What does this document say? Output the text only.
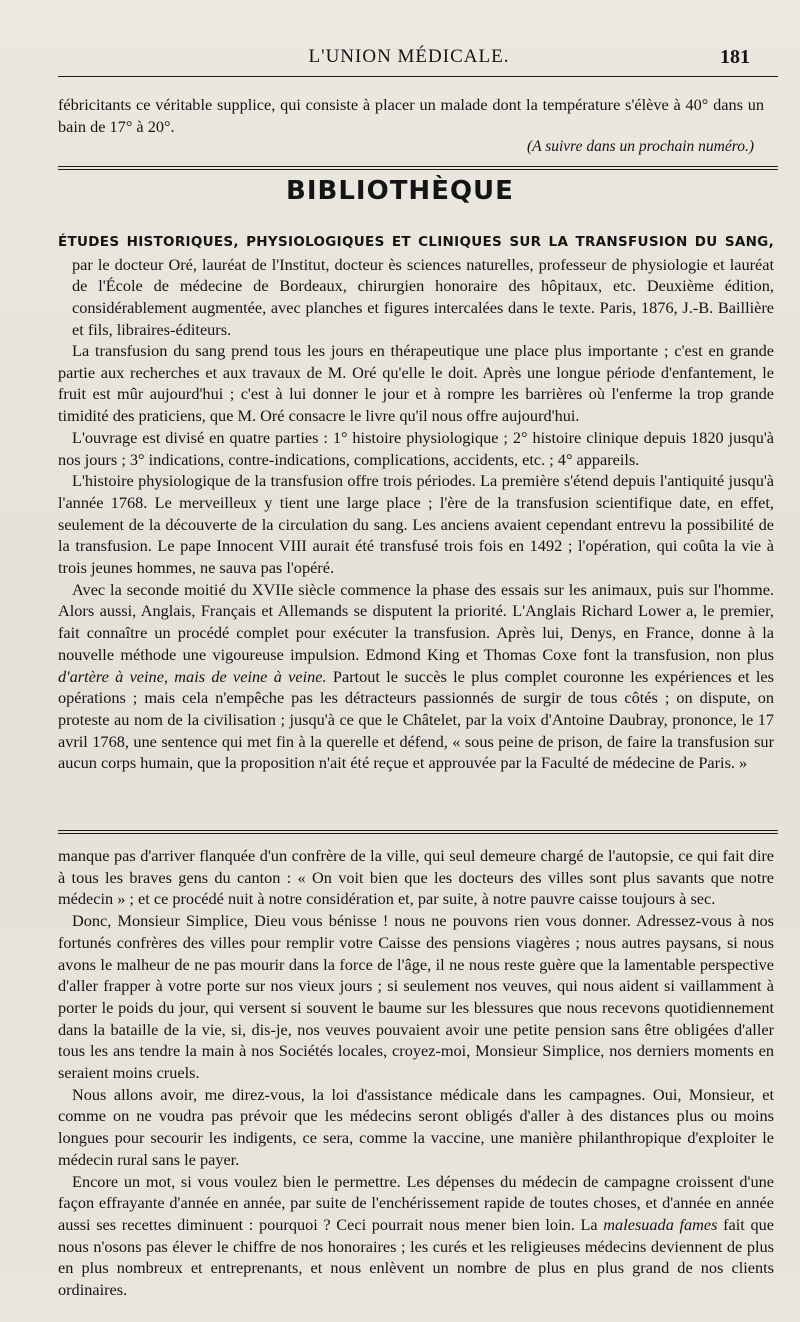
L'UNION MÉDICALE.	181

fébricitants ce véritable supplice, qui consiste à placer un malade dont la température s'élève à 40° dans un bain de 17° à 20°.

(A suivre dans un prochain numéro.)
BIBLIOTHÈQUE

ÉTUDES HISTORIQUES, PHYSIOLOGIQUES ET CLINIQUES SUR LA TRANSFUSION DU SANG, par le docteur Oré, lauréat de l'Institut, docteur ès sciences naturelles, professeur de physiologie et lauréat de l'École de médecine de Bordeaux, chirurgien honoraire des hôpitaux, etc. Deuxième édition, considérablement augmentée, avec planches et figures intercalées dans le texte. Paris, 1876, J.-B. Baillière et fils, libraires-éditeurs.

La transfusion du sang prend tous les jours en thérapeutique une place plus importante ; c'est en grande partie aux recherches et aux travaux de M. Oré qu'elle le doit. Après une longue période d'enfantement, le fruit est mûr aujourd'hui ; c'est à lui donner le jour et à rompre les barrières où l'enferme la trop grande timidité des praticiens, que M. Oré consacre le livre qu'il nous offre aujourd'hui.

L'ouvrage est divisé en quatre parties : 1° histoire physiologique ; 2° histoire clinique depuis 1820 jusqu'à nos jours ; 3° indications, contre-indications, complications, accidents, etc. ; 4° appareils.

L'histoire physiologique de la transfusion offre trois périodes. La première s'étend depuis l'antiquité jusqu'à l'année 1768. Le merveilleux y tient une large place ; l'ère de la transfusion scientifique date, en effet, seulement de la découverte de la circulation du sang. Les anciens avaient cependant entrevu la possibilité de la transfusion. Le pape Innocent VIII aurait été transfusé trois fois en 1492 ; l'opération, qui coûta la vie à trois jeunes hommes, ne sauva pas l'opéré.

Avec la seconde moitié du XVIIe siècle commence la phase des essais sur les animaux, puis sur l'homme. Alors aussi, Anglais, Français et Allemands se disputent la priorité. L'Anglais Richard Lower a, le premier, fait connaître un procédé complet pour exécuter la transfusion. Après lui, Denys, en France, donne à la nouvelle méthode une vigoureuse impulsion. Edmond King et Thomas Coxe font la transfusion, non plus d'artère à veine, mais de veine à veine. Partout le succès le plus complet couronne les expériences et les opérations ; mais cela n'empêche pas les détracteurs passionnés de surgir de tous côtés ; on dispute, on proteste au nom de la civilisation ; jusqu'à ce que le Châtelet, par la voix d'Antoine Daubray, prononce, le 17 avril 1768, une sentence qui met fin à la querelle et défend, « sous peine de prison, de faire la transfusion sur aucun corps humain, que la proposition n'ait été reçue et approuvée par la Faculté de médecine de Paris. »

manque pas d'arriver flanquée d'un confrère de la ville, qui seul demeure chargé de l'autopsie, ce qui fait dire à tous les braves gens du canton : « On voit bien que les docteurs des villes sont plus savants que notre médecin » ; et ce procédé nuit à notre considération et, par suite, à notre pauvre caisse toujours à sec.

Donc, Monsieur Simplice, Dieu vous bénisse ! nous ne pouvons rien vous donner. Adressez-vous à nos fortunés confrères des villes pour remplir votre Caisse des pensions viagères ; nous autres paysans, si nous avons le malheur de ne pas mourir dans la force de l'âge, il ne nous reste guère que la lamentable perspective d'aller frapper à votre porte sur nos vieux jours ; si seulement nos veuves, qui nous aident si vaillamment à porter le poids du jour, qui versent si souvent le baume sur les blessures que nous recevons quotidiennement dans la bataille de la vie, si, dis-je, nos veuves pouvaient avoir une petite pension sans être obligées d'aller tous les ans tendre la main à nos Sociétés locales, croyez-moi, Monsieur Simplice, nos derniers moments en seraient moins cruels.

Nous allons avoir, me direz-vous, la loi d'assistance médicale dans les campagnes. Oui, Monsieur, et comme on ne voudra pas prévoir que les médecins seront obligés d'aller à des distances plus ou moins longues pour secourir les indigents, ce sera, comme la vaccine, une manière philanthropique d'exploiter le médecin rural sans le payer.

Encore un mot, si vous voulez bien le permettre. Les dépenses du médecin de campagne croissent d'une façon effrayante d'année en année, par suite de l'enchérissement rapide de toutes choses, et d'année en année aussi ses recettes diminuent : pourquoi ? Ceci pourrait nous mener bien loin. La malesuada fames fait que nous n'osons pas élever le chiffre de nos honoraires ; les curés et les religieuses médecins deviennent de plus en plus nombreux et entreprenants, et nous enlèvent un nombre de plus en plus grand de nos clients ordinaires.
